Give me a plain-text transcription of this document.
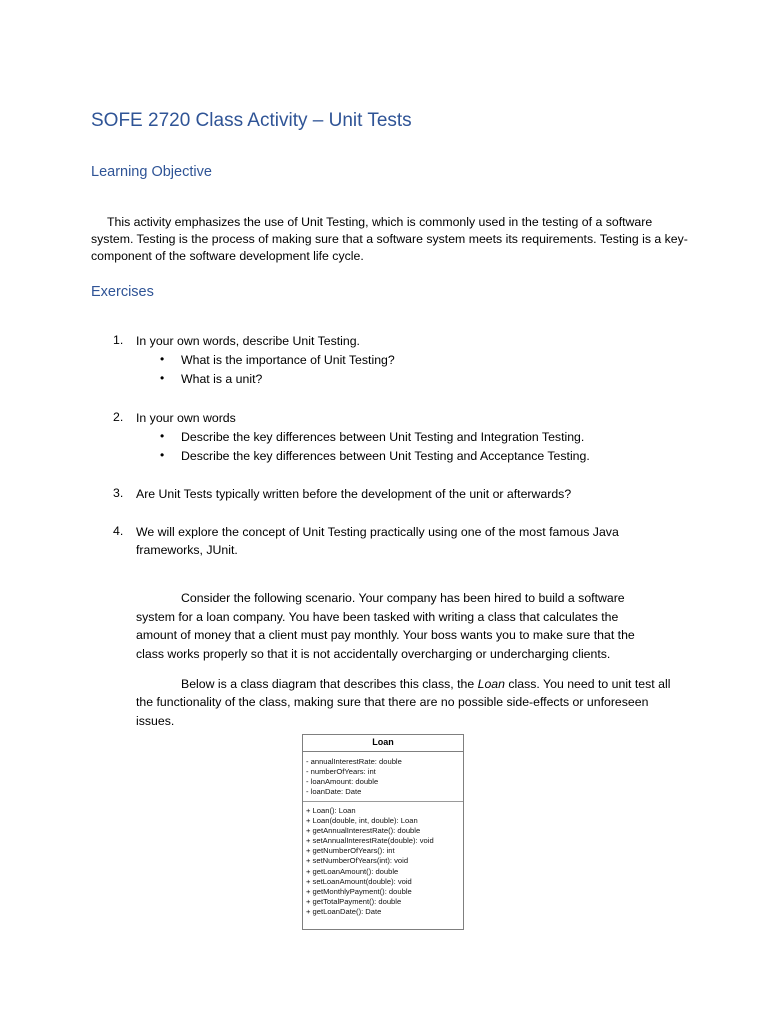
SOFE 2720 Class Activity – Unit Tests
Learning Objective
This activity emphasizes the use of Unit Testing, which is commonly used in the testing of a software
system. Testing is the process of making sure that a software system meets its requirements. Testing is a key-
component of the software development life cycle.
Exercises
1. In your own words, describe Unit Testing.
• What is the importance of Unit Testing?
• What is a unit?
2. In your own words
• Describe the key differences between Unit Testing and Integration Testing.
• Describe the key differences between Unit Testing and Acceptance Testing.
3. Are Unit Tests typically written before the development of the unit or afterwards?
4. We will explore the concept of Unit Testing practically using one of the most famous Java
frameworks, JUnit.
Consider the following scenario. Your company has been hired to build a software
system for a loan company. You have been tasked with writing a class that calculates the
amount of money that a client must pay monthly. Your boss wants you to make sure that the
class works properly so that it is not accidentally overcharging or undercharging clients.
Below is a class diagram that describes this class, the Loan class. You need to unit test all
the functionality of the class, making sure that there are no possible side-effects or unforeseen
issues.
Loan
- annualInterestRate: double
- numberOfYears: int
- loanAmount: double
- loanDate: Date
+ Loan(): Loan
+ Loan(double, int, double): Loan
+ getAnnualInterestRate(): double
+ setAnnualInterestRate(double): void
+ getNumberOfYears(): int
+ setNumberOfYears(int): void
+ getLoanAmount(): double
+ setLoanAmount(double): void
+ getMonthlyPayment(): double
+ getTotalPayment(): double
+ getLoanDate(): Date
